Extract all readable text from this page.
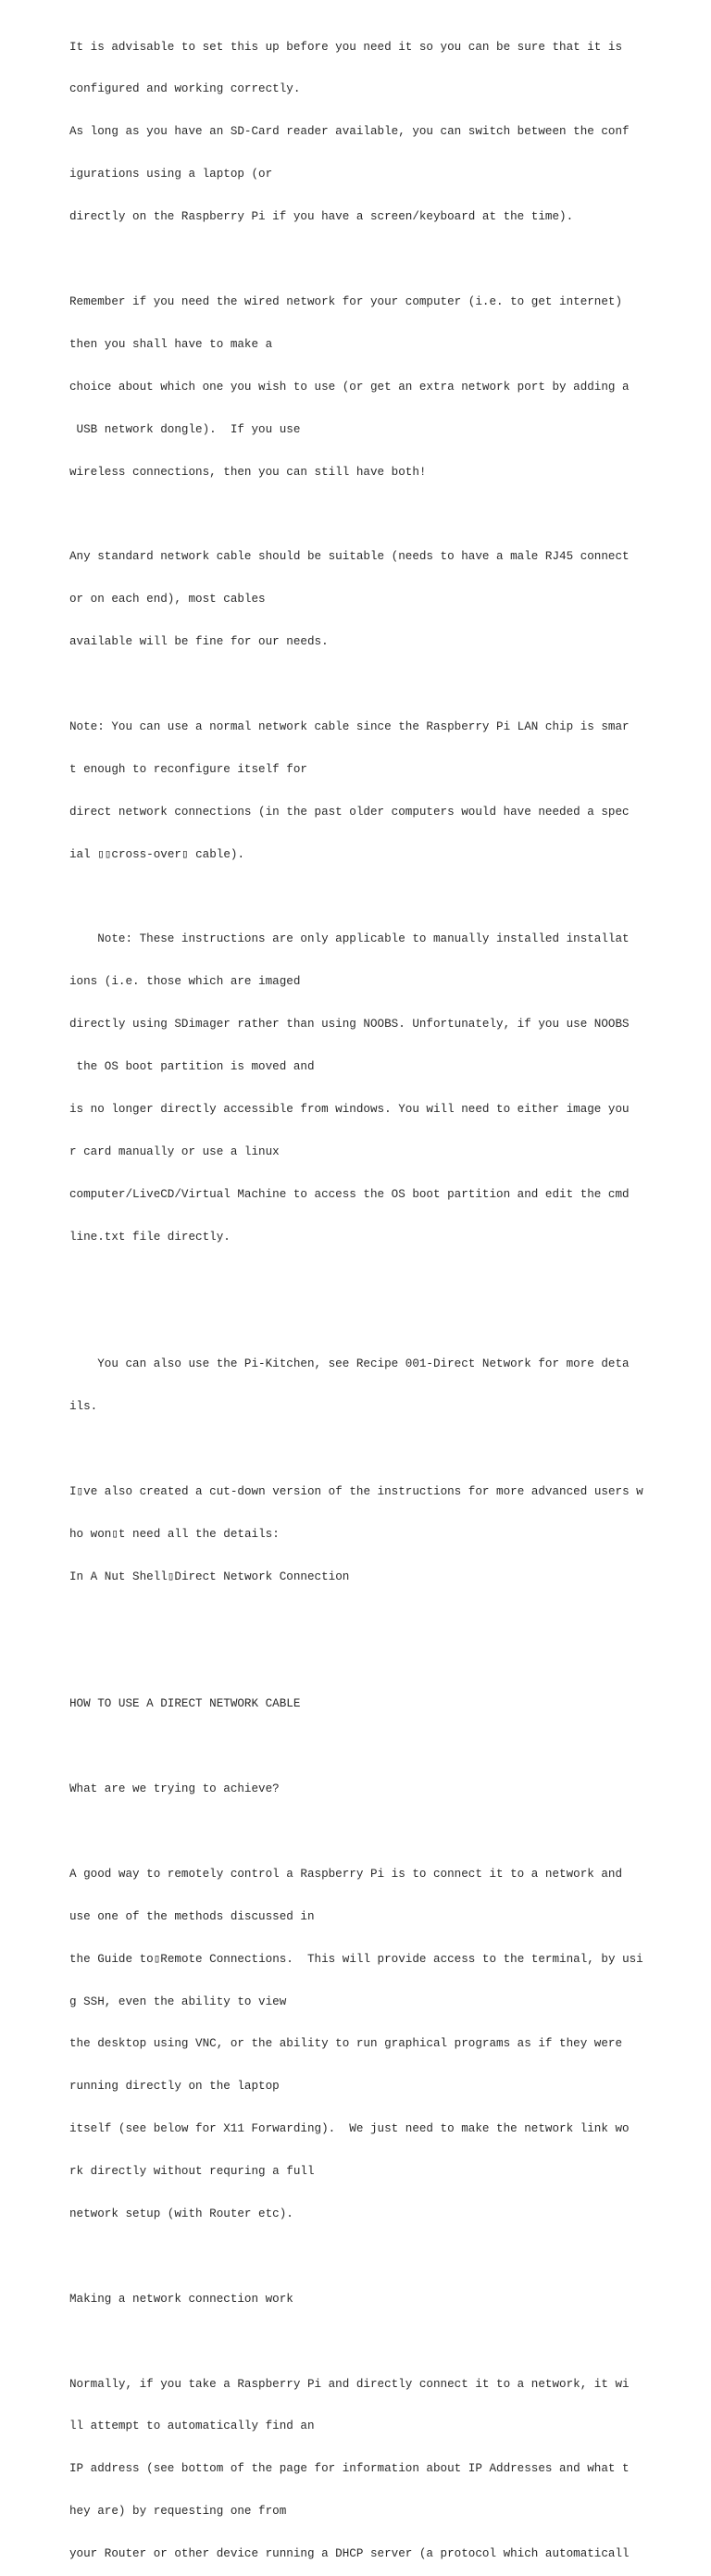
It is advisable to set this up before you need it so you can be sure that it is

configured and working correctly.

As long as you have an SD-Card reader available, you can switch between the conf

igurations using a laptop (or

directly on the Raspberry Pi if you have a screen/keyboard at the time).

Remember if you need the wired network for your computer (i.e. to get internet)

then you shall have to make a

choice about which one you wish to use (or get an extra network port by adding a

USB network dongle).  If you use

wireless connections, then you can still have both!

Any standard network cable should be suitable (needs to have a male RJ45 connect

or on each end), most cables

available will be fine for our needs.

Note: You can use a normal network cable since the Raspberry Pi LAN chip is smar

t enough to reconfigure itself for

direct network connections (in the past older computers would have needed a spec

ial ▯▯cross-over▯ cable).

Note: These instructions are only applicable to manually installed installat

ions (i.e. those which are imaged

directly using SDimager rather than using NOOBS. Unfortunately, if you use NOOBS

the OS boot partition is moved and

is no longer directly accessible from windows. You will need to either image you

r card manually or use a linux

computer/LiveCD/Virtual Machine to access the OS boot partition and edit the cmd

line.txt file directly.

You can also use the Pi-Kitchen, see Recipe 001-Direct Network for more deta

ils.

I▯ve also created a cut-down version of the instructions for more advanced users w

ho won▯t need all the details:

In A Nut Shell▯Direct Network Connection

HOW TO USE A DIRECT NETWORK CABLE

What are we trying to achieve?

A good way to remotely control a Raspberry Pi is to connect it to a network and

use one of the methods discussed in

the Guide to▯Remote Connections.  This will provide access to the terminal, by usi

g SSH, even the ability to view

the desktop using VNC, or the ability to run graphical programs as if they were

running directly on the laptop

itself (see below for X11 Forwarding).  We just need to make the network link wo

rk directly without requring a full

network setup (with Router etc).

Making a network connection work

Normally, if you take a Raspberry Pi and directly connect it to a network, it wi

ll attempt to automatically find an

IP address (see bottom of the page for information about IP Addresses and what t

hey are) by requesting one from

your Router or other device running a DHCP server (a protocol which automaticall
